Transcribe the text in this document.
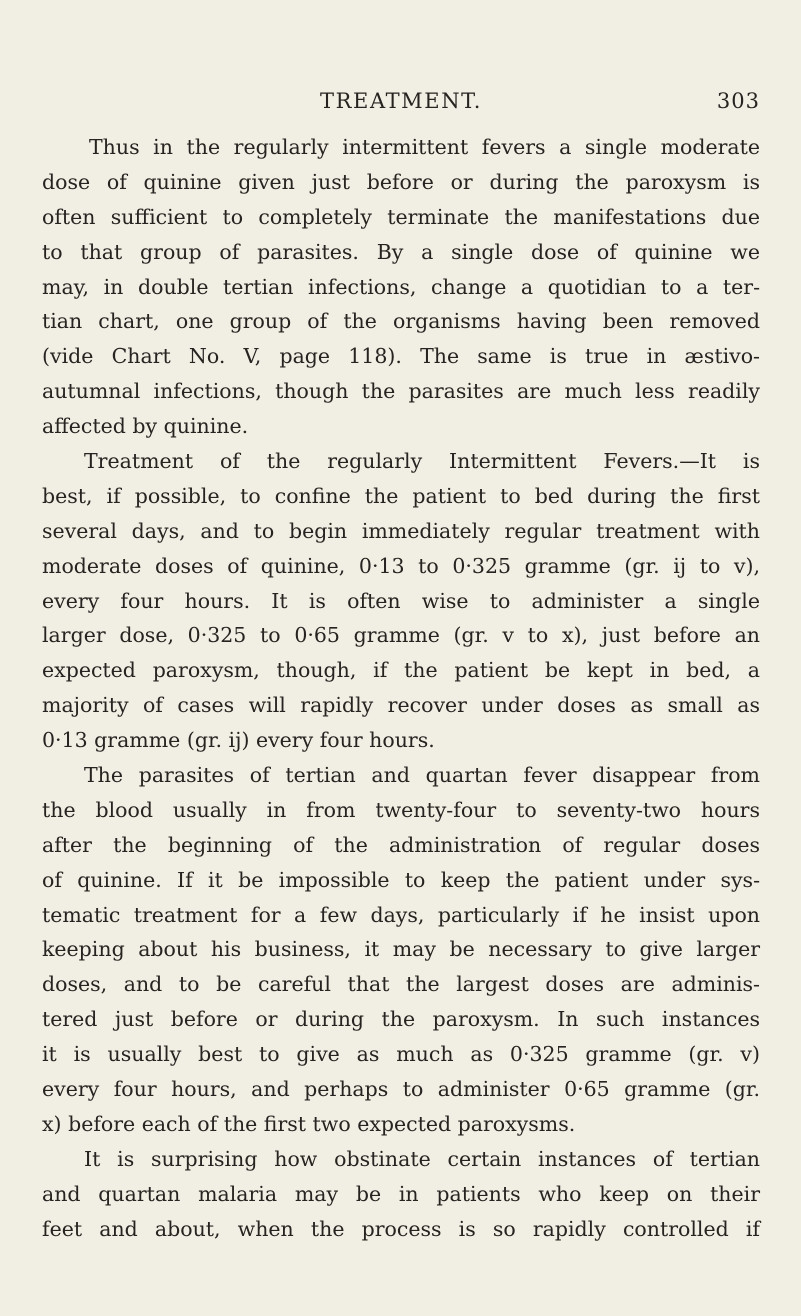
TREATMENT.	303
Thus in the regularly intermittent fevers a single moderate
dose of quinine given just before or during the paroxysm is
often sufficient to completely terminate the manifestations due
to that group of parasites. By a single dose of quinine we
may, in double tertian infections, change a quotidian to a ter-
tian chart, one group of the organisms having been removed
(vide Chart No. V, page 118). The same is true in æstivo-
autumnal infections, though the parasites are much less readily
affected by quinine.
Treatment of the regularly Intermittent Fevers.—It is
best, if possible, to confine the patient to bed during the first
several days, and to begin immediately regular treatment with
moderate doses of quinine, 0·13 to 0·325 gramme (gr. ij to v),
every four hours. It is often wise to administer a single
larger dose, 0·325 to 0·65 gramme (gr. v to x), just before an
expected paroxysm, though, if the patient be kept in bed, a
majority of cases will rapidly recover under doses as small as
0·13 gramme (gr. ij) every four hours.
The parasites of tertian and quartan fever disappear from
the blood usually in from twenty-four to seventy-two hours
after the beginning of the administration of regular doses
of quinine. If it be impossible to keep the patient under sys-
tematic treatment for a few days, particularly if he insist upon
keeping about his business, it may be necessary to give larger
doses, and to be careful that the largest doses are adminis-
tered just before or during the paroxysm. In such instances
it is usually best to give as much as 0·325 gramme (gr. v)
every four hours, and perhaps to administer 0·65 gramme (gr.
x) before each of the first two expected paroxysms.
It is surprising how obstinate certain instances of tertian
and quartan malaria may be in patients who keep on their
feet and about, when the process is so rapidly controlled if
